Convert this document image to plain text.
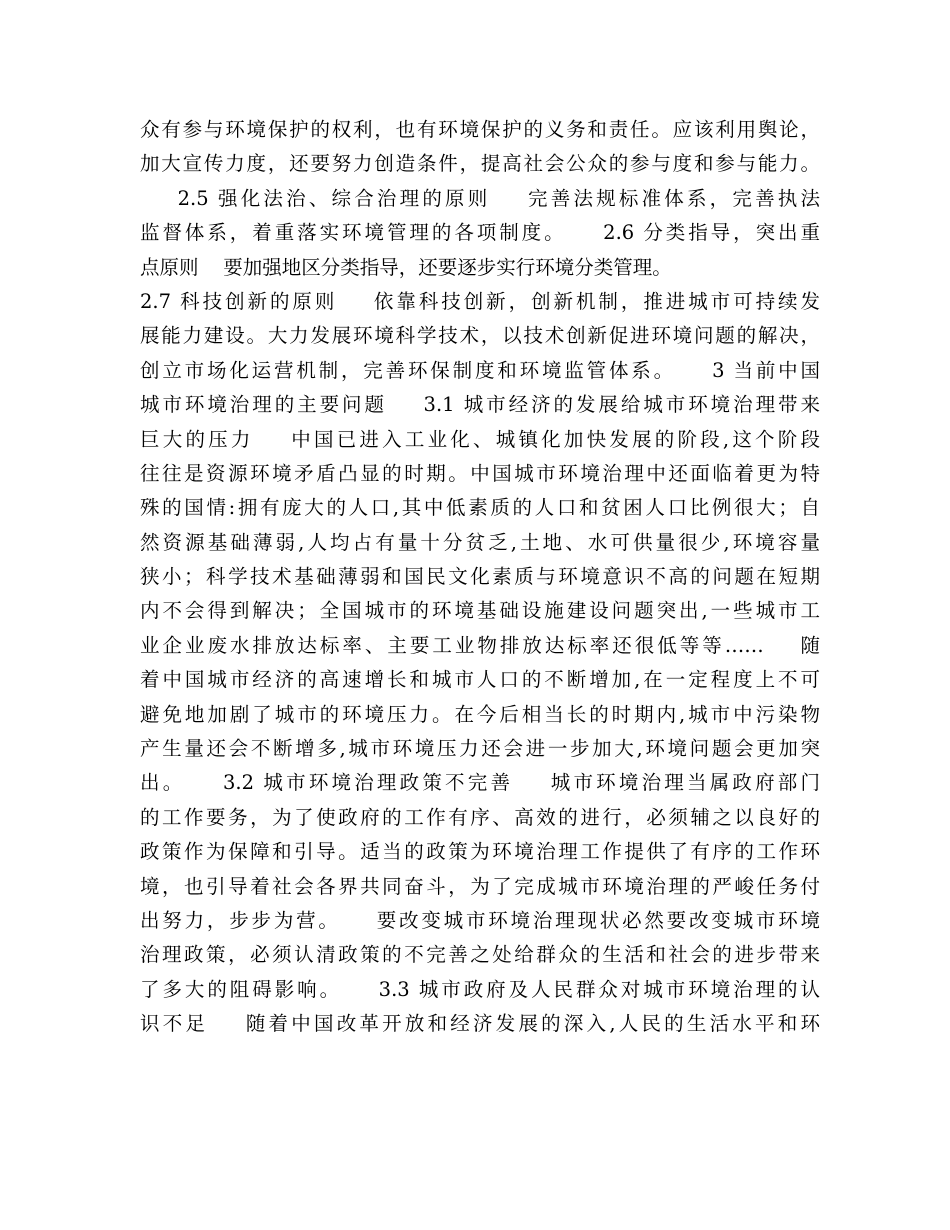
众有参与环境保护的权利，也有环境保护的义务和责任。应该利用舆论，
加大宣传力度，还要努力创造条件，提高社会公众的参与度和参与能力。
2.5 强化法治、综合治理的原则    完善法规标准体系，完善执法
监督体系，着重落实环境管理的各项制度。    2.6 分类指导，突出重
点原则    要加强地区分类指导，还要逐步实行环境分类管理。
2.7 科技创新的原则    依靠科技创新，创新机制，推进城市可持续发
展能力建设。大力发展环境科学技术，以技术创新促进环境问题的解决，
创立市场化运营机制，完善环保制度和环境监管体系。    3 当前中国
城市环境治理的主要问题    3.1 城市经济的发展给城市环境治理带来
巨大的压力    中国已进入工业化、城镇化加快发展的阶段,这个阶段
往往是资源环境矛盾凸显的时期。中国城市环境治理中还面临着更为特
殊的国情:拥有庞大的人口,其中低素质的人口和贫困人口比例很大；自
然资源基础薄弱,人均占有量十分贫乏,土地、水可供量很少,环境容量
狭小；科学技术基础薄弱和国民文化素质与环境意识不高的问题在短期
内不会得到解决；全国城市的环境基础设施建设问题突出,一些城市工
业企业废水排放达标率、主要工业物排放达标率还很低等等……    随
着中国城市经济的高速增长和城市人口的不断增加,在一定程度上不可
避免地加剧了城市的环境压力。在今后相当长的时期内,城市中污染物
产生量还会不断增多,城市环境压力还会进一步加大,环境问题会更加突
出。    3.2 城市环境治理政策不完善    城市环境治理当属政府部门
的工作要务，为了使政府的工作有序、高效的进行，必须辅之以良好的
政策作为保障和引导。适当的政策为环境治理工作提供了有序的工作环
境，也引导着社会各界共同奋斗，为了完成城市环境治理的严峻任务付
出努力，步步为营。    要改变城市环境治理现状必然要改变城市环境
治理政策，必须认清政策的不完善之处给群众的生活和社会的进步带来
了多大的阻碍影响。    3.3 城市政府及人民群众对城市环境治理的认
识不足    随着中国改革开放和经济发展的深入,人民的生活水平和环
